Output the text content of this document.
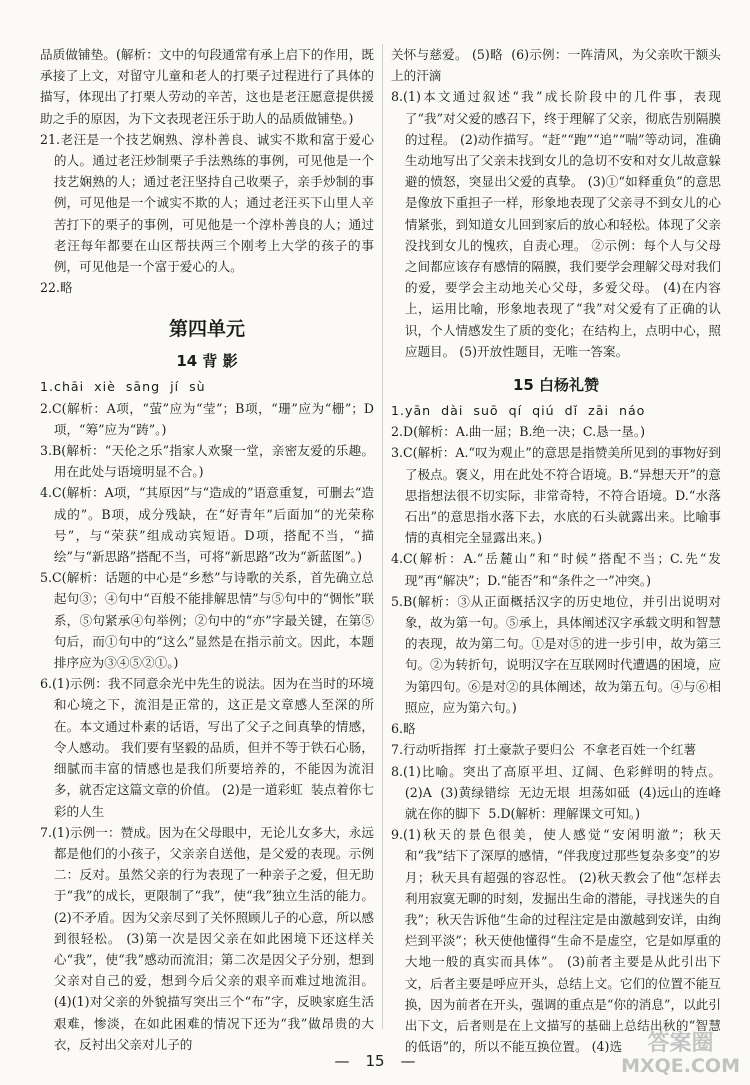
品质做铺垫。(解析：文中的句段通常有承上启下的作用，既承接了上文，对留守儿童和老人的打栗子过程进行了具体的描写，体现出了打栗人劳动的辛苦，这也是老汪愿意提供援助之手的原因，为下文表现老汪乐于助人的品质做铺垫。)

21.老汪是一个技艺娴熟、淳朴善良、诚实不欺和富于爱心的人。通过老汪炒制栗子手法熟练的事例，可见他是一个技艺娴熟的人；通过老汪坚持自己收栗子，亲手炒制的事例，可见他是一个诚实不欺的人；通过老汪买下山里人辛苦打下的栗子的事例，可见他是一个淳朴善良的人；通过老汪每年都要在山区帮扶两三个刚考上大学的孩子的事例，可见他是一个富于爱心的人。

22.略

第四单元
14 背 影

1.chāi  xiè  sāng  jí  sù

2.C(解析：A项，“萤”应为“莹”；B项，“珊”应为“栅”；D项，“筹”应为“踌”。)

3.B(解析：“天伦之乐”指家人欢聚一堂，亲密友爱的乐趣。用在此处与语境明显不合。)

4.C(解析：A项，“其原因”与“造成的”语意重复，可删去“造成的”。B项，成分残缺，在“好青年”后面加“的光荣称号”，与“荣获”组成动宾短语。D项，搭配不当，“描绘”与“新思路”搭配不当，可将“新思路”改为“新蓝图”。)

5.C(解析：话题的中心是“乡愁”与诗歌的关系，首先确立总起句③；④句中“百般不能排解思情”与⑤句中的“惆怅”联系，⑤句紧承④句举例；②句中的“亦”字最关键，在第⑤句后，而①句中的“这么”显然是在指示前文。因此，本题排序应为③④⑤②①。)

6.(1)示例：我不同意余光中先生的说法。因为在当时的环境和心境之下，流泪是正常的，这正是文章感人至深的所在。本文通过朴素的话语，写出了父子之间真挚的情感，令人感动。 我们要有坚毅的品质，但并不等于铁石心肠，细腻而丰富的情感也是我们所要培养的，不能因为流泪多，就否定这篇文章的价值。 (2)是一道彩虹  装点着你七彩的人生

7.(1)示例一：赞成。因为在父母眼中，无论儿女多大，永远都是他们的小孩子，父亲亲自送他，是父爱的表现。示例二：反对。虽然父亲的行为表现了一种亲子之爱，但无助于“我”的成长，更限制了“我”，使“我”独立生活的能力。 (2)不矛盾。因为父亲尽到了关怀照顾儿子的心意，所以感到很轻松。 (3)第一次是因父亲在如此困境下还这样关心“我”，使“我”感动而流泪；第二次是因父子分别，想到父亲对自己的爱，想到今后父亲的艰辛而难过地流泪。 (4)(1)对父亲的外貌描写突出三个“布”字，反映家庭生活艰难，惨淡，在如此困难的情况下还为“我”做昂贵的大衣，反衬出父亲对儿子的

关怀与慈爱。 (5)略  (6)示例：一阵清风，为父亲吹干额头上的汗滴

8.(1)本文通过叙述“我”成长阶段中的几件事，表现了“我”对父爱的感召下，终于理解了父亲，彻底告别隔膜的过程。 (2)动作描写。“赶”“跑”“追”“喘”等动词，准确生动地写出了父亲未找到女儿的急切不安和对女儿故意躲避的愤怒，突显出父爱的真挚。 (3)①“如释重负”的意思是像放下重担子一样，形象地表现了父亲寻不到女儿的心情紧张，到知道女儿回到家后的放心和轻松。体现了父亲没找到女儿的愧疚，自责心理。 ②示例：每个人与父母之间都应该存有感情的隔膜，我们要学会理解父母对我们的爱，要学会主动地关心父母，多爱父母。 (4)在内容上，运用比喻，形象地表现了“我”对父爱有了正确的认识，个人情感发生了质的变化；在结构上，点明中心，照应题目。 (5)开放性题目，无唯一答案。

15 白杨礼赞

1.yān  dài  suō  qí  qiú  dǐ  zāi  náo

2.D(解析：A.曲一屈；B.绝一决；C.恳一垦。)

3.C(解析：A.“叹为观止”的意思是指赞美所见到的事物好到了极点。褒义，用在此处不符合语境。B.“异想天开”的意思指想法很不切实际，非常奇特，不符合语境。D.“水落石出”的意思指水落下去，水底的石头就露出来。比喻事情的真相完全显露出来。)

4.C(解析：A.“岳麓山”和“时候”搭配不当；C.先“发现”再“解决”；D.“能否”和“条件之一”冲突。)

5.B(解析：③从正面概括汉字的历史地位，并引出说明对象，故为第一句。⑤承上，具体阐述汉字承载文明和智慧的表现，故为第二句。①是对⑤的进一步引申，故为第三句。②为转折句，说明汉字在互联网时代遭遇的困境，应为第四句。⑥是对②的具体阐述，故为第五句。④与⑥相照应，应为第六句。)

6.略

7.行动听指挥  打土豪款子要归公  不拿老百姓一个红薯

8.(1)比喻。突出了高原平坦、辽阔、色彩鲜明的特点。(2)A  (3)黄绿错综  无边无垠  坦荡如砥  (4)远山的连峰就在你的脚下  5.D(解析：理解课文可知。)

9.(1)秋天的景色很美，使人感觉“安闲明澈”；秋天和“我”结下了深厚的感情，“伴我度过那些复杂多变”的岁月；秋天具有超强的容忍性。 (2)秋天教会了他“怎样去利用寂寞无聊的时刻，发掘出生命的潜能，寻找迷失的自我”；秋天告诉他“生命的过程注定是由激越到安详，由绚烂到平淡”；秋天使他懂得“生命不是虚空，它是如厚重的大地一般的真实而具体”。 (3)前者主要是从此引出下文，后者主要是呼应开头，总结上文。它们的位置不能互换，因为前者在开头，强调的重点是“你的消息”，以此引出下文，后者则是在上文描写的基础上总结出秋的“智慧的低语”的，所以不能互换位置。 (4)选

— 15 —
答案圈
MXQE.COM
